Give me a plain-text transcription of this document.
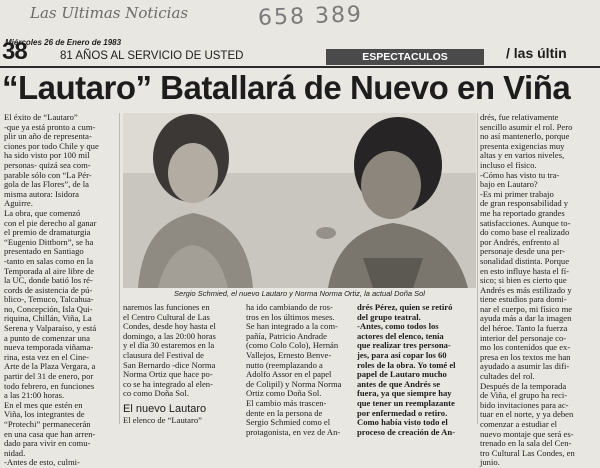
Las Ultimas Noticias	658 389
Miércoles 26 de Enero de 1983
38	81 AÑOS AL SERVICIO DE USTED	ESPECTACULOS	/ las últin
“Lautaro” Batallará de Nuevo en Viña
El éxito de “Lautaro”
-que ya está pronto a cum-
plir un año de representa-
ciones por todo Chile y que
ha sido visto por 100 mil
personas- quizá sea com-
parable sólo con “La Pér-
gola de las Flores”, de la
misma autora: Isidora
Aguirre.
La obra, que comenzó
con el pie derecho al ganar
el premio de dramaturgia
“Eugenio Dittborn”, se ha
presentado en Santiago
-tanto en salas como en la
Temporada al aire libre de
la UC, donde batió los ré-
cords de asistencia de pú-
blico-, Temuco, Talcahua-
no, Concepción, Isla Qui-
riquina, Chillán, Viña, La
Serena y Valparaíso, y está
a punto de comenzar una
nueva temporada viñama-
rina, esta vez en el Cine-
Arte de la Plaza Vergara, a
partir del 31 de enero, por
todo febrero, en funciones
a las 21:00 horas.
En el mes que estén en
Viña, los integrantes de
“Protechi” permanecerán
en una casa que han arren-
dado para vivir en comu-
nidad.
-Antes de esto, culmi-
Sergio Schmied, el nuevo Lautaro y Norma Norma Ortiz, la actual Doña Sol
naremos las funciones en
el Centro Cultural de Las
Condes, desde hoy hasta el
domingo, a las 20:00 horas
y el día 30 estaremos en la
clausura del Festival de
San Bernardo -dice Norma
Norma Ortiz que hace po-
co se ha integrado al elen-
co como Doña Sol.
El nuevo Lautaro
El elenco de “Lautaro”
ha ido cambiando de ros-
tros en los últimos meses.
Se han integrado a la com-
pañía, Patricio Andrade
(como Colo Colo), Hernán
Vallejos, Ernesto Benve-
nutto (reemplazando a
Adolfo Assor en el papel
de Colipil) y Norma Norma
Ortiz como Doña Sol.
El cambio más trascen-
dente en la persona de
Sergio Schmied como el
protagonista, en vez de An-
drés Pérez, quien se retiró
del grupo teatral.
-Antes, como todos los
actores del elenco, tenía
que realizar tres persona-
jes, para así copar los 60
roles de la obra. Yo tomé el
papel de Lautaro mucho
antes de que Andrés se
fuera, ya que siempre hay
que tener un reemplazante
por enfermedad o retiro.
Como había visto todo el
proceso de creación de An-
drés, fue relativamente
sencillo asumir el rol. Pero
no así mantenerlo, porque
presenta exigencias muy
altas y en varios niveles,
incluso el físico.
-Cómo has visto tu tra-
bajo en Lautaro?
-Es mi primer trabajo
de gran responsabilidad y
me ha reportado grandes
satisfacciones. Aunque to-
do como base el realizado
por Andrés, enfrento al
personaje desde una per-
sonalidad distinta. Porque
en esto influye hasta el fí-
sico; si bien es cierto que
Andrés es más estilizado y
tiene estudios para domi-
nar el cuerpo, mi físico me
ayuda más a dar la imagen
del héroe. Tanto la fuerza
interior del personaje co-
mo los contenidos que ex-
presa en los textos me han
ayudado a asumir las difi-
cultades del rol.
Después de la temporada
de Viña, el grupo ha reci-
bido invitaciones para ac-
tuar en el norte, y ya deben
comenzar a estudiar el
nuevo montaje que será es-
trenado en la sala del Cen-
tro Cultural Las Condes, en
junio.
